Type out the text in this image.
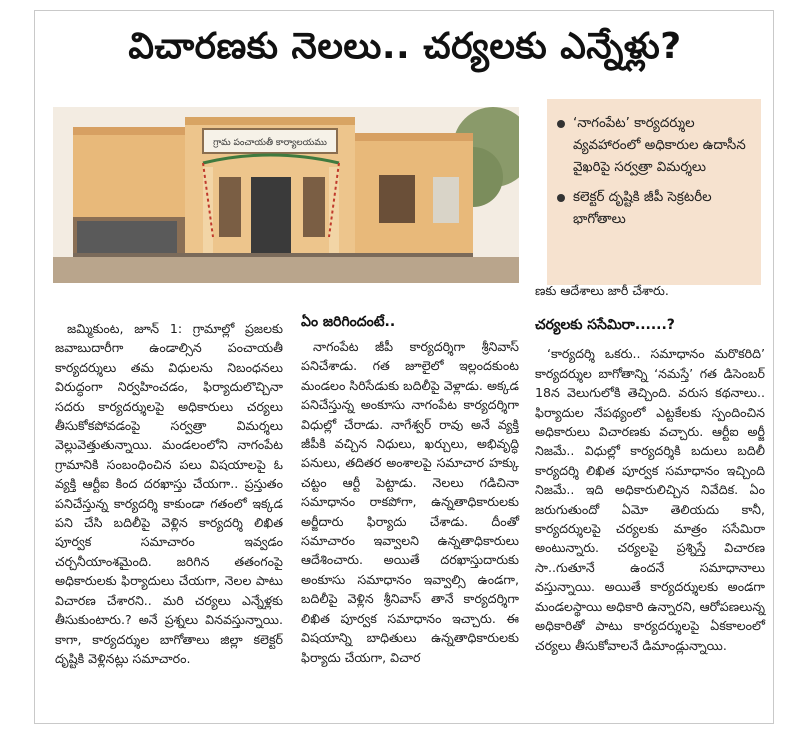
విచారణకు నెలలు.. చర్యలకు ఎన్నేళ్లు?
గ్రామ పంచాయతీ కార్యాలయము
‘నాగంపేట’ కార్యదర్శుల వ్యవహారంలో అధికారుల ఉదాసీన వైఖరిపై సర్వత్రా విమర్శలు
కలెక్టర్ దృష్టికి జీపీ సెక్రటరీల భాగోతాలు

జమ్మికుంట, జూన్ 1: గ్రామాల్లో ప్రజలకు జవాబుదారీగా ఉండాల్సిన పంచాయతీ కార్యదర్శులు తమ విధులను నిబంధనలు విరుద్ధంగా నిర్వహించడం, ఫిర్యాదులొచ్చినా సదరు కార్యదర్శులపై అధికారులు చర్యలు తీసుకోకపోవడంపై సర్వత్రా విమర్శలు వెల్లువెత్తుతున్నాయి. మండలంలోని నాగంపేట గ్రామానికి సంబంధించిన పలు విషయాలపై ఓ వ్యక్తి ఆర్టీఐ కింద దరఖాస్తు చేయగా.. ప్రస్తుతం పనిచేస్తున్న కార్యదర్శి కాకుండా గతంలో ఇక్కడ పని చేసి బదిలీపై వెళ్లిన కార్యదర్శి లిఖిత పూర్వక సమాచారం ఇవ్వడం చర్చనీయాంశమైంది. జరిగిన తతంగంపై అధికారులకు ఫిర్యాదులు చేయగా, నెలల పాటు విచారణ చేశారని.. మరి చర్యలు ఎన్నేళ్లకు తీసుకుంటారు.? అనే ప్రశ్నలు వినవస్తున్నాయి. కాగా, కార్యదర్శుల బాగోతాలు జిల్లా కలెక్టర్ దృష్టికి వెళ్లినట్లు సమాచారం.

ఏం జరిగిందంటే..

నాగంపేట జీపీ కార్యదర్శిగా శ్రీనివాస్ పనిచేశాడు. గత జూలైలో ఇల్లందకుంట మండలం సిరిసేడుకు బదిలీపై వెళ్లాడు. అక్కడ పనిచేస్తున్న అంకూసు నాగంపేట కార్యదర్శిగా విధుల్లో చేరాడు. నాగేశ్వర్ రావు అనే వ్యక్తి జీపీకి వచ్చిన నిధులు, ఖర్చులు, అభివృద్ధి పనులు, తదితర అంశాలపై సమాచార హక్కు చట్టం ఆర్టీ పెట్టాడు. నెలలు గడిచినా సమాధానం రాకపోగా, ఉన్నతాధికారులకు అర్జీదారు ఫిర్యాదు చేశాడు. దీంతో సమాచారం ఇవ్వాలని ఉన్నతాధికారులు ఆదేశించారు. అయితే దరఖాస్తుదారుకు అంకూసు సమాధానం ఇవ్వాల్సి ఉండగా, బదిలీపై వెళ్లిన శ్రీనివాస్ తానే కార్యదర్శిగా లిఖిత పూర్వక సమాధానం ఇచ్చారు. ఈ విషయాన్ని బాధితులు ఉన్నతాధికారులకు ఫిర్యాదు చేయగా, విచార

ణకు ఆదేశాలు జారీ చేశారు.
చర్యలకు ససేమిరా......?

‘కార్యదర్శి ఒకరు.. సమాధానం మరొకరిది’ కార్యదర్శుల బాగోతాన్ని ‘నమస్తే’ గత డిసెంబర్ 18న వెలుగులోకి తెచ్చింది. వరుస కథనాలు.. ఫిర్యాదుల నేపథ్యంలో ఎట్టకేలకు స్పందించిన అధికారులు విచారణకు వచ్చారు. ఆర్టీఐ అర్జీ నిజమే.. విధుల్లో కార్యదర్శికి బదులు బదిలీ కార్యదర్శి లిఖిత పూర్వక సమాధానం ఇచ్చింది నిజమే.. ఇది అధికారులిచ్చిన నివేదిక. ఏం జరుగుతుందో ఏమో తెలియదు కానీ, కార్యదర్శులపై చర్యలకు మాత్రం ససేమిరా అంటున్నారు. చర్యలపై ప్రశ్నిస్తే విచారణ సా..గుతూనే ఉందనే సమాధానాలు వస్తున్నాయి. అయితే కార్యదర్శులకు అండగా మండలస్థాయి అధికారి ఉన్నారని, ఆరోపణలున్న అధికారితో పాటు కార్యదర్శులపై ఏకకాలంలో చర్యలు తీసుకోవాలనే డిమాండ్లున్నాయి.
